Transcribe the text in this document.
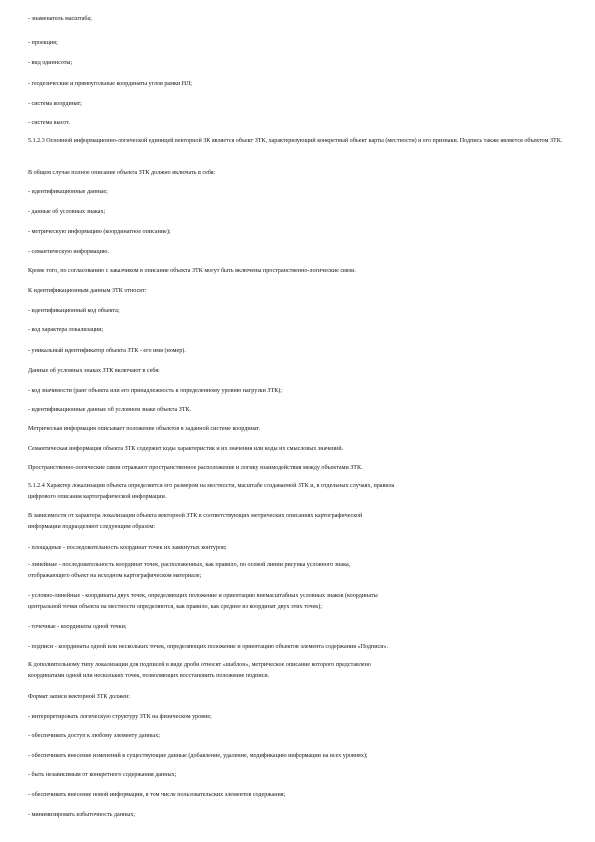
- знаменатель масштаба;
- проекция;
- вид одиннсоты;
- геодезические и прямоугольные координаты углов рамки НЛ;
- система координат;
- система высот.
5.1.2.3 Основной информационно-логической единицей векторной ЗК является объект ЗТК, характеризующий конкретный объект карты (местности) и его признаки. Подпись также является объектом ЗТК.
В общем случае полное описание объекта ЗТК должно включать в себя:
- идентификационные данные;
- данные об условных знаках;
- метрическую информацию (координатное описание);
- семантическую информацию.
Кроме того, по согласованию с заказчиком в описание объекта ЗТК могут быть включены пространственно-логические связи.
К идентификационным данным ЗТК относят:
- идентификационный код объекта;
- код характера локализации;
- уникальный идентификатор объекта ЗТК - его имя (номер).
Данные об условных знаках ЗТК включают в себя:
- код значимости (ранг объекта или его принадлежность к определенному уровню нагрузки ЗТК);
- идентификационные данные об условном знаке объекта ЗТК.
Метрическая информация описывает положение объектов в заданной системе координат.
Семантическая информация объекта ЗТК содержит коды характеристик и их значения или коды их смысловых значений.
Пространственно-логические связи отражают пространственное расположение и логику взаимодействия между объектами ЗТК.
5.1.2.4 Характер локализации объекта определяется его размером на местности, масштабе создаваемой ЗТК и, в отдельных случаях, правила
цифрового описания картографической информации.
В зависимости от характера локализации объекта векторной ЗТК в соответствующих метрических описаниях картографической
информации подразделяют следующим образом:
- площадные - последовательность координат точек их замкнутых контуров;
- линейные - последовательность координат точек, расположенных, как правило, по осевой линии рисунка условного знака,
отображающего объект на исходном картографическом материале;
- условно-линейные - координаты двух точек, определяющих положение и ориентацию внемасштабных условных знаков (координаты
центральной точки объекта на местности определяются, как правило, как среднее из координат двух этих точек);
- точечные - координаты одной точки;
- подписи - координаты одной или нескольких точек, определяющих положение и ориентацию объектов элемента содержания «Подписи».
К дополнительному типу локализации для подписей в виде дроби относят «шаблон», метрическое описание которого представлено
координатами одной или нескольких точек, позволяющих восстановить положение подписи.
Формат записи векторной ЗТК должен:
- интерпретировать логическую структуру ЗТК на физическом уровне;
- обеспечивать доступ к любому элементу данных;
- обеспечивать внесение изменений в существующие данные (добавление, удаление, модификацию информации на всех уровнях);
- быть независимым от конкретного содержания данных;
- обеспечивать внесение новой информации, в том числе пользовательских элементов содержания;
- минимизировать избыточность данных;
